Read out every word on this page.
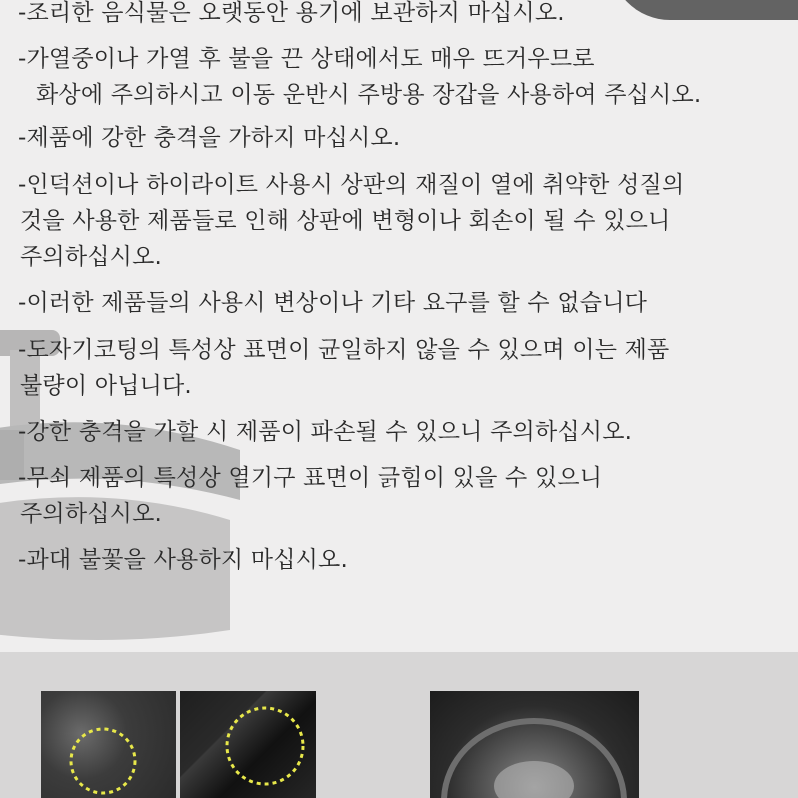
-조리한 음식물은 오랫동안 용기에 보관하지 마십시오.
-가열중이나 가열 후 불을 끈 상태에서도 매우 뜨거우므로
화상에 주의하시고 이동 운반시 주방용 장갑을 사용하여 주십시오.
-제품에 강한 충격을 가하지 마십시오.
-인덕션이나 하이라이트 사용시 상판의 재질이 열에 취약한 성질의
것을 사용한 제품들로 인해 상판에 변형이나 회손이 될 수 있으니
주의하십시오.
-이러한 제품들의 사용시 변상이나 기타 요구를 할 수 없습니다
-도자기코팅의 특성상 표면이 균일하지 않을 수 있으며 이는 제품
불량이 아닙니다.
-강한 충격을 가할 시 제품이 파손될 수 있으니 주의하십시오.
-무쇠 제품의 특성상 열기구 표면이 긁힘이 있을 수 있으니
주의하십시오.
-과대 불꽃을 사용하지 마십시오.
